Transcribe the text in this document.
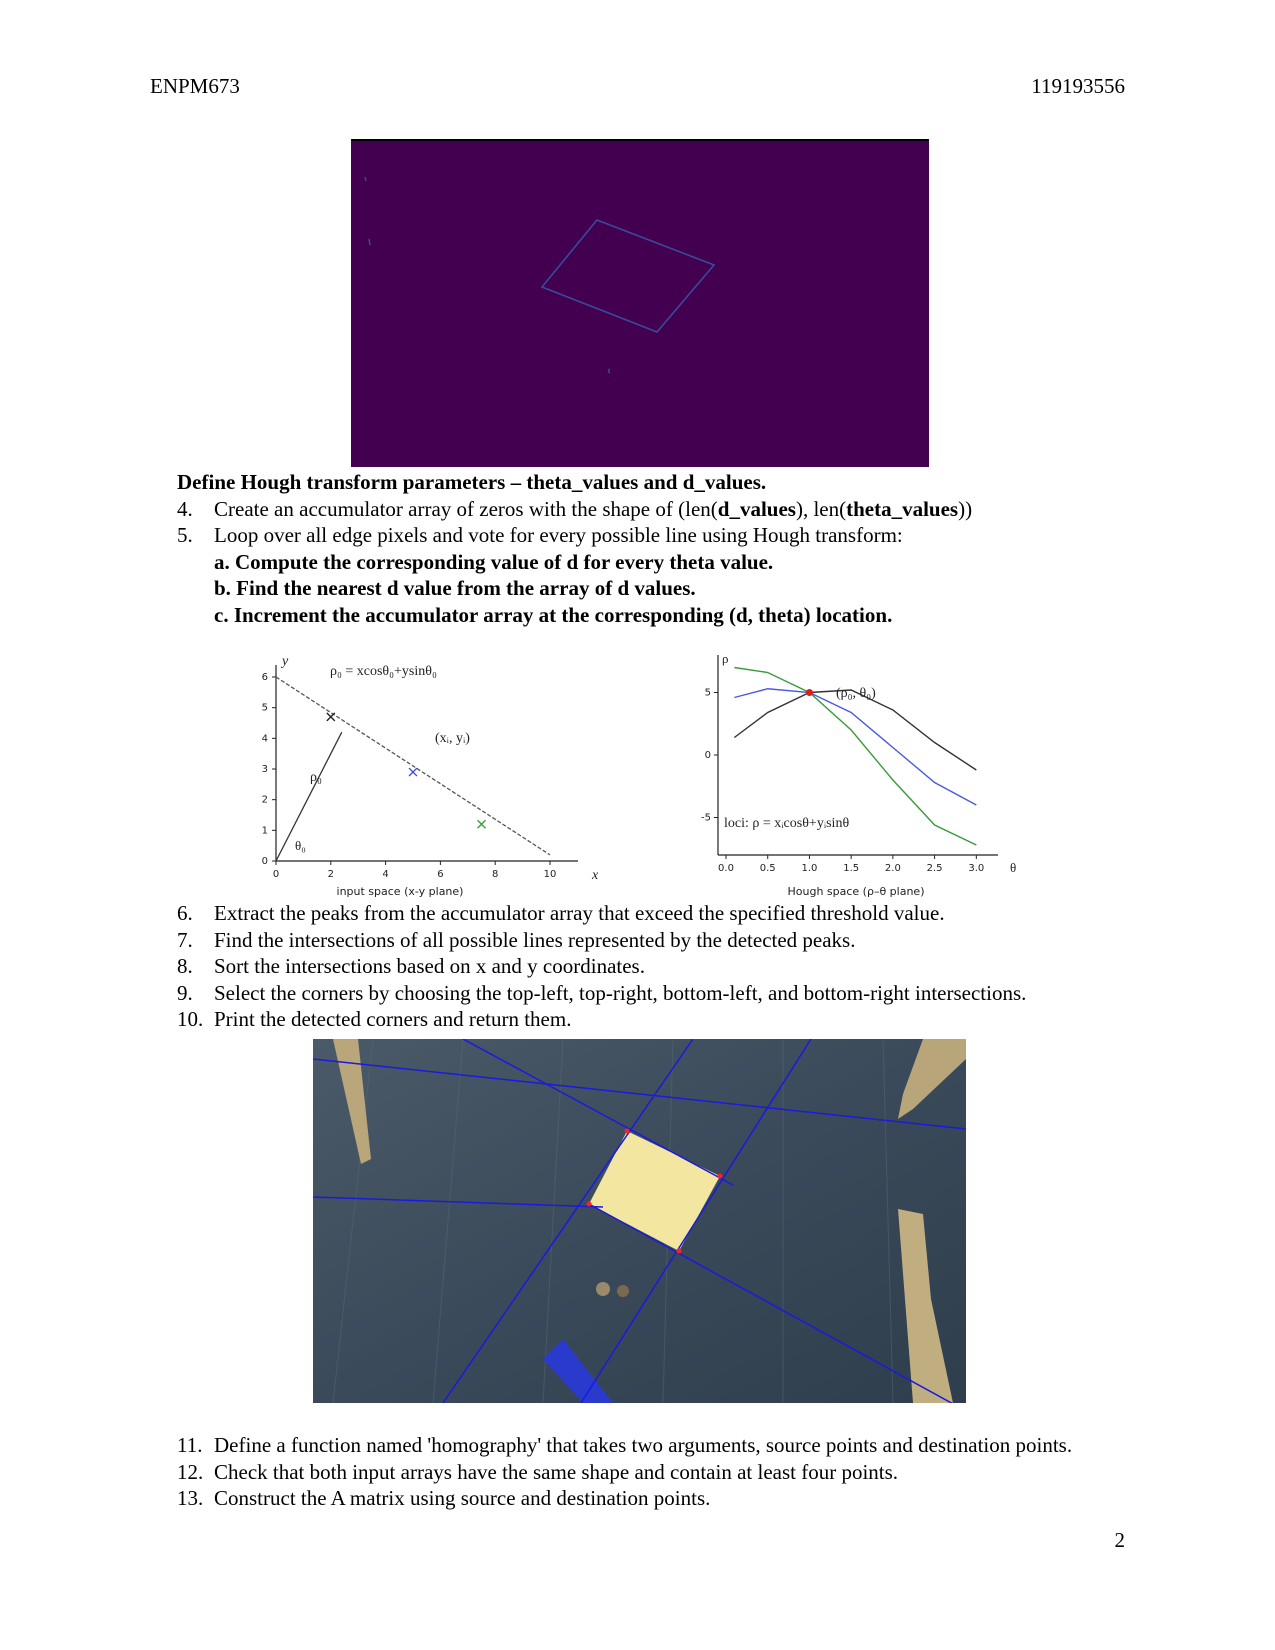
ENPM673	119193556
Define Hough transform parameters – theta_values and d_values.
4. Create an accumulator array of zeros with the shape of (len(d_values), len(theta_values))
5. Loop over all edge pixels and vote for every possible line using Hough transform:
a. Compute the corresponding value of d for every theta value.
b. Find the nearest d value from the array of d values.
c. Increment the accumulator array at the corresponding (d, theta) location.
0
1
2
3
4
5
6
0	2	4	6	8	10
y
x
input space (x-y plane)
ρ₀ = xcosθ₀+ysinθ₀
(xᵢ, yᵢ)
ρ₀
θ₀
5
0
-5
0.0	0.5	1.0	1.5	2.0	2.5	3.0
ρ
θ
Hough space (ρ–θ plane)
(ρ₀, θ₀)
loci: ρ = xᵢcosθ+yᵢsinθ
6. Extract the peaks from the accumulator array that exceed the specified threshold value.
7. Find the intersections of all possible lines represented by the detected peaks.
8. Sort the intersections based on x and y coordinates.
9. Select the corners by choosing the top-left, top-right, bottom-left, and bottom-right intersections.
10. Print the detected corners and return them.
11. Define a function named 'homography' that takes two arguments, source points and destination points.
12. Check that both input arrays have the same shape and contain at least four points.
13. Construct the A matrix using source and destination points.
2
